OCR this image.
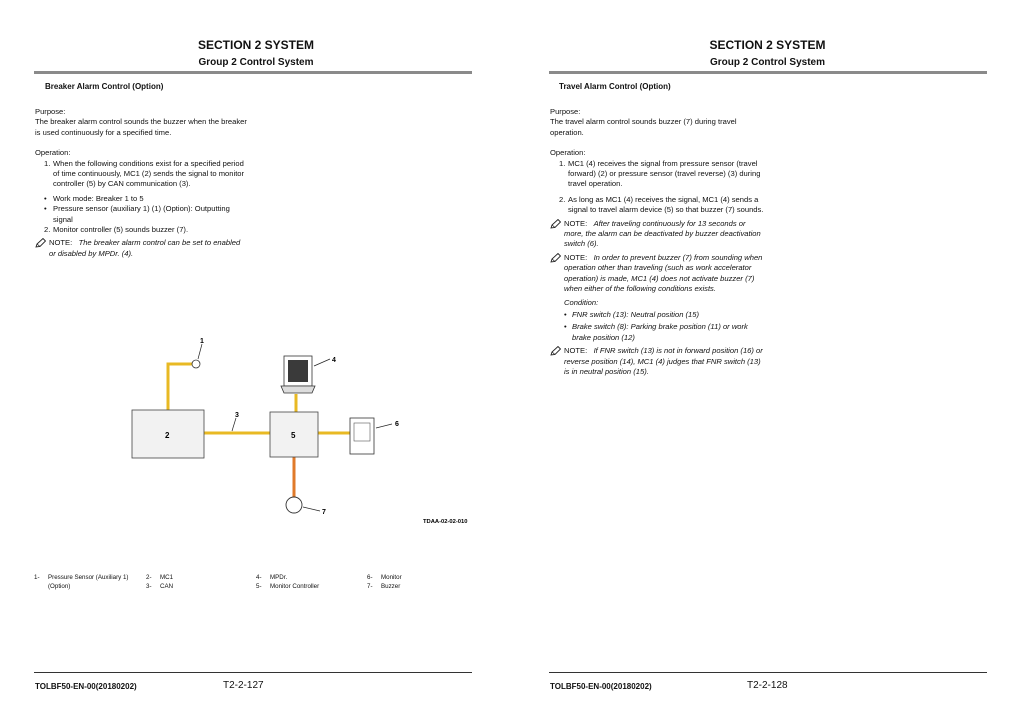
SECTION 2 SYSTEM
Group 2 Control System
Breaker Alarm Control (Option)

Purpose:

The breaker alarm control sounds the buzzer when the breaker is used continuously for a specified time.

Operation:

1. When the following conditions exist for a specified period of time continuously, MC1 (2) sends the signal to monitor controller (5) by CAN communication (3).
• Work mode: Breaker 1 to 5
• Pressure sensor (auxiliary 1) (1) (Option): Outputting signal
2. Monitor controller (5) sounds buzzer (7).
NOTE: The breaker alarm control can be set to enabled or disabled by MPDr. (4).
1
2
3
4
5
6
7
TDAA-02-02-010
1- Pressure Sensor (Auxiliary 1)
(Option)
2- MC1
3- CAN
4- MPDr.
5- Monitor Controller
6- Monitor
7- Buzzer
TOLBF50-EN-00(20180202)	T2-2-127
SECTION 2 SYSTEM
Group 2 Control System
Travel Alarm Control (Option)

Purpose:

The travel alarm control sounds buzzer (7) during travel operation.

Operation:

1. MC1 (4) receives the signal from pressure sensor (travel forward) (2) or pressure sensor (travel reverse) (3) during travel operation.
2. As long as MC1 (4) receives the signal, MC1 (4) sends a signal to travel alarm device (5) so that buzzer (7) sounds.
NOTE: After traveling continuously for 13 seconds or more, the alarm can be deactivated by buzzer deactivation switch (6).
NOTE: In order to prevent buzzer (7) from sounding when operation other than traveling (such as work accelerator operation) is made, MC1 (4) does not activate buzzer (7) when either of the following conditions exists.
Condition:
• FNR switch (13): Neutral position (15)
• Brake switch (8): Parking brake position (11) or work brake position (12)
NOTE: If FNR switch (13) is not in forward position (16) or reverse position (14), MC1 (4) judges that FNR switch (13) is in neutral position (15).
TOLBF50-EN-00(20180202)	T2-2-128
